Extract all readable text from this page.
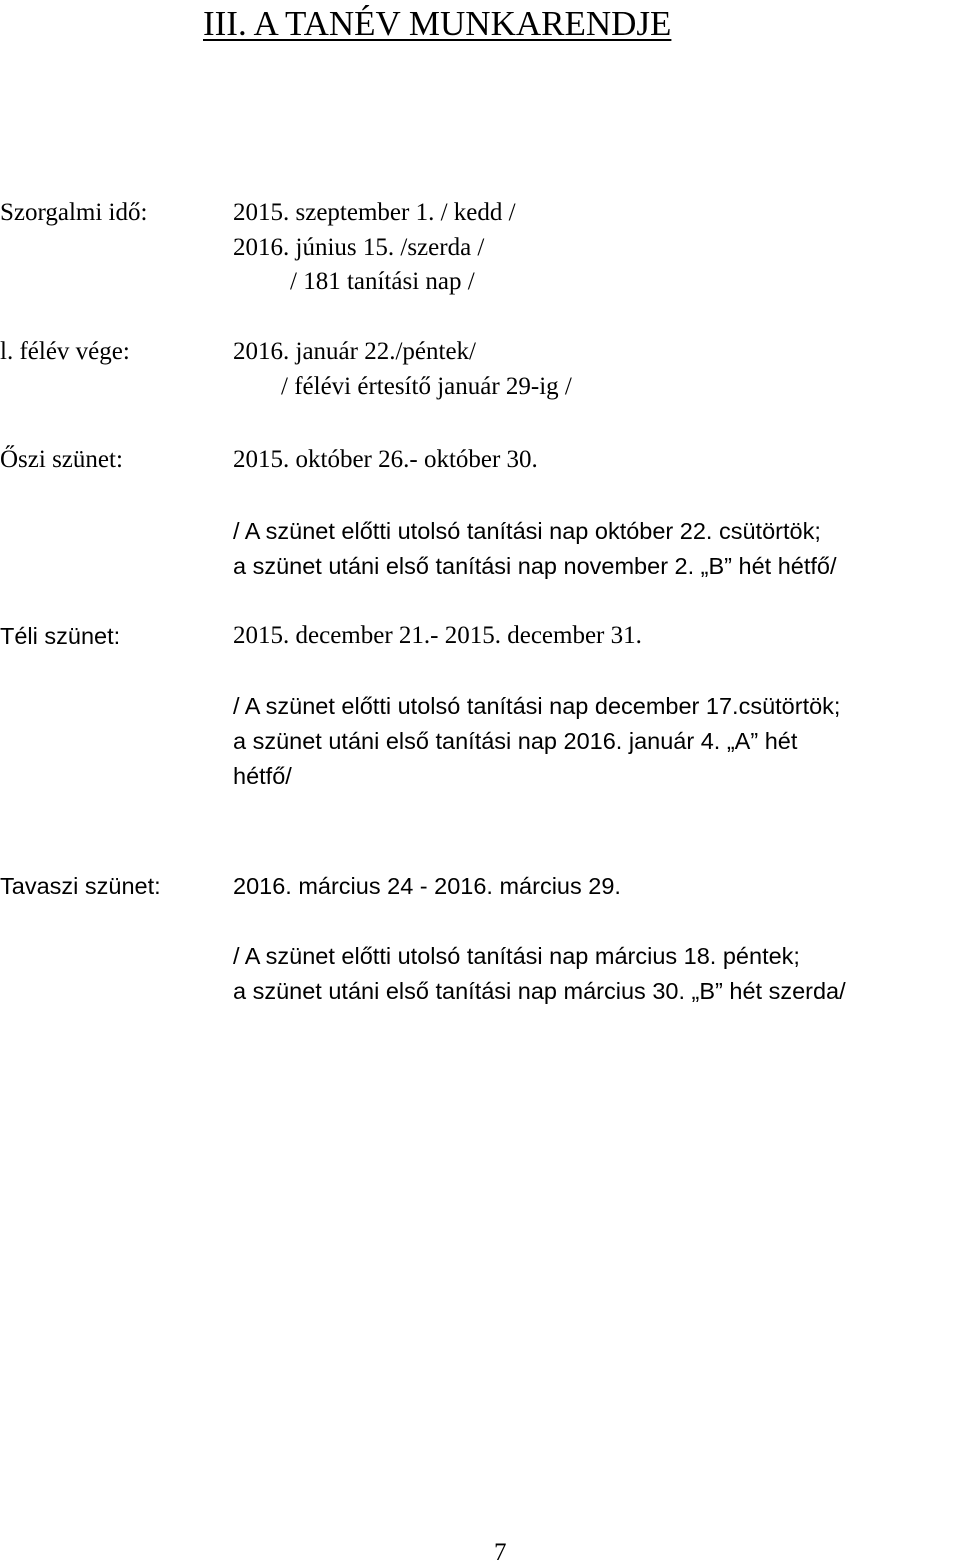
III. A TANÉV MUNKARENDJE
Szorgalmi idő:	2015. szeptember 1. / kedd /
2016. június 15. /szerda /
/ 181 tanítási nap /
l. félév vége:	2016. január 22./péntek/
/ félévi értesítő január 29-ig /
Őszi szünet:	2015. október 26.- október 30.
/ A szünet előtti utolsó tanítási nap október 22. csütörtök;
a szünet utáni első tanítási nap november 2. „B” hét hétfő/
Téli szünet:	2015. december 21.- 2015. december 31.
/ A szünet előtti utolsó tanítási nap december 17.csütörtök;
a szünet utáni első tanítási nap 2016. január 4. „A” hét
hétfő/
Tavaszi szünet:	2016. március 24 - 2016. március 29.
/ A szünet előtti utolsó tanítási nap március 18. péntek;
a szünet utáni első tanítási nap március 30. „B” hét szerda/
7
